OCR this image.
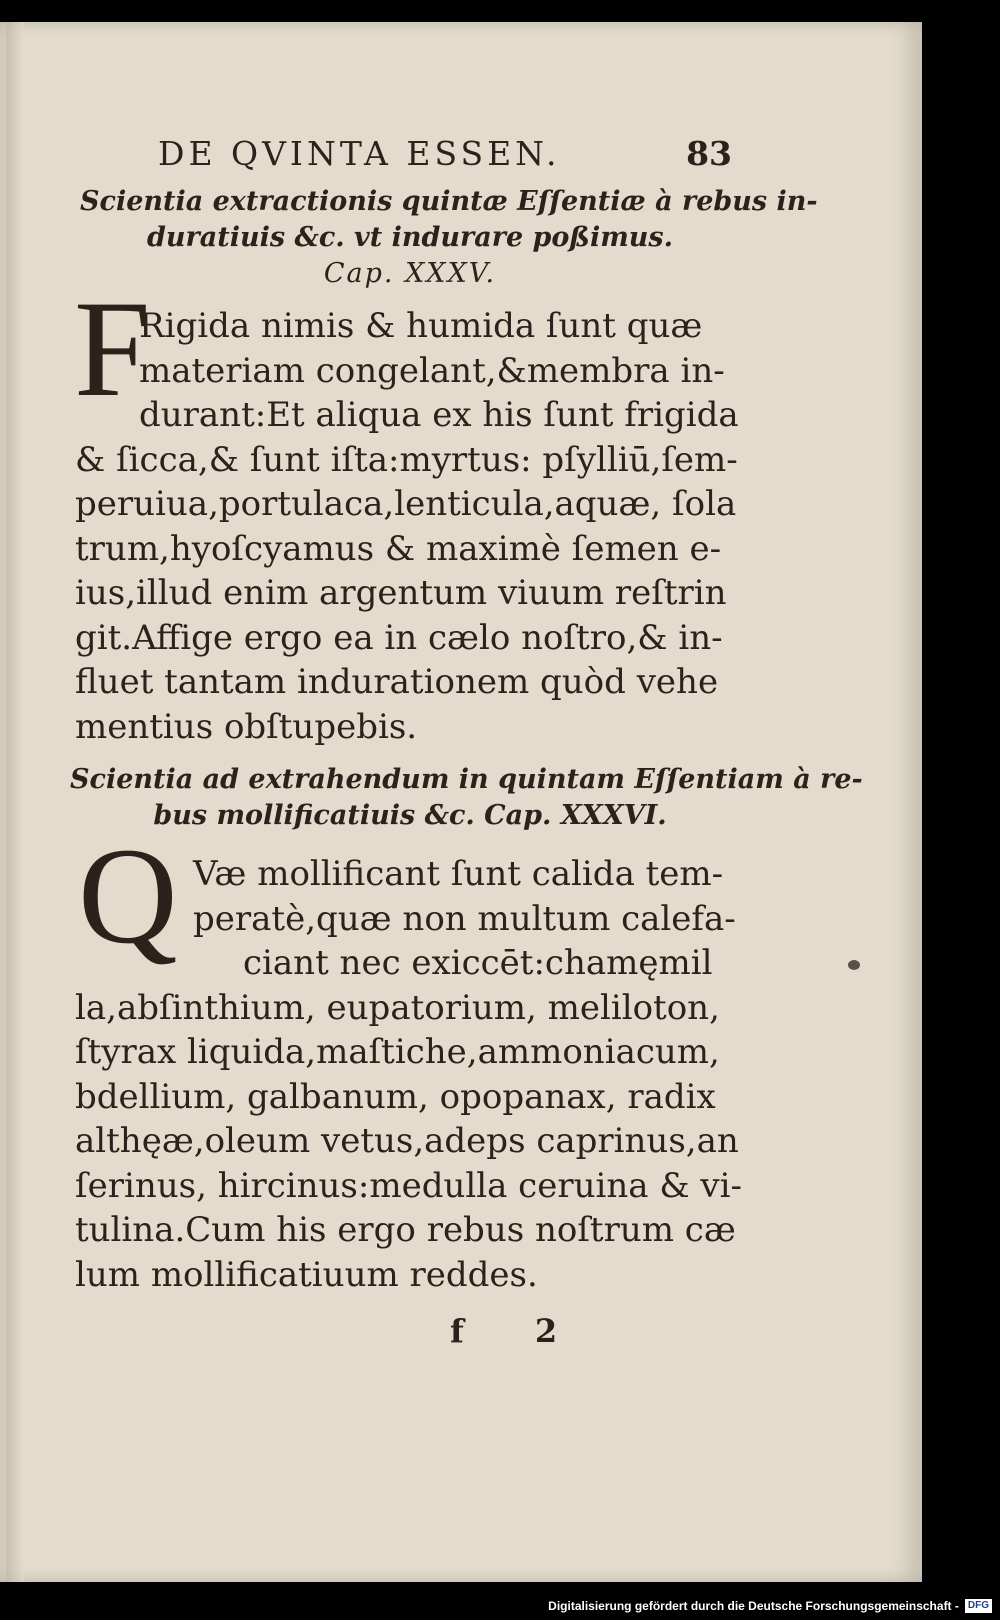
DE QVINTA ESSEN.	83
Scientia extractionis quintæ Eſſentiæ à rebus in-
duratiuis &c. vt indurare poßimus.
Cap. XXXV.
F
Rigida nimis & humida ſunt quæ
materiam congelant,&membra in-
durant:Et aliqua ex his ſunt frigida
& ſicca,& ſunt iſta:myrtus: pſylliū,ſem-
peruiua,portulaca,lenticula,aquæ, ſola
trum,hyoſcyamus & maximè ſemen e-
ius,illud enim argentum viuum reſtrin
git.Affige ergo ea in cælo noſtro,& in-
fluet tantam indurationem quòd vehe
mentius obſtupebis.
Scientia ad extrahendum in quintam Eſſentiam à re-
bus mollificatiuis &c. Cap. XXXVI.
Q Væ mollificant ſunt calida tem-
peratè,quæ non multum calefa-
ciant nec exiccēt:chamęmil
la,abſinthium, eupatorium, meliloton,
ſtyrax liquida,maſtiche,ammoniacum,
bdellium, galbanum, opopanax, radix
althęæ,oleum vetus,adeps caprinus,an
ſerinus, hircinus:medulla ceruina & vi-
tulina.Cum his ergo rebus noſtrum cæ
lum mollificatiuum reddes.
f 2
Digitalisierung gefördert durch die Deutsche Forschungsgemeinschaft - DFG
